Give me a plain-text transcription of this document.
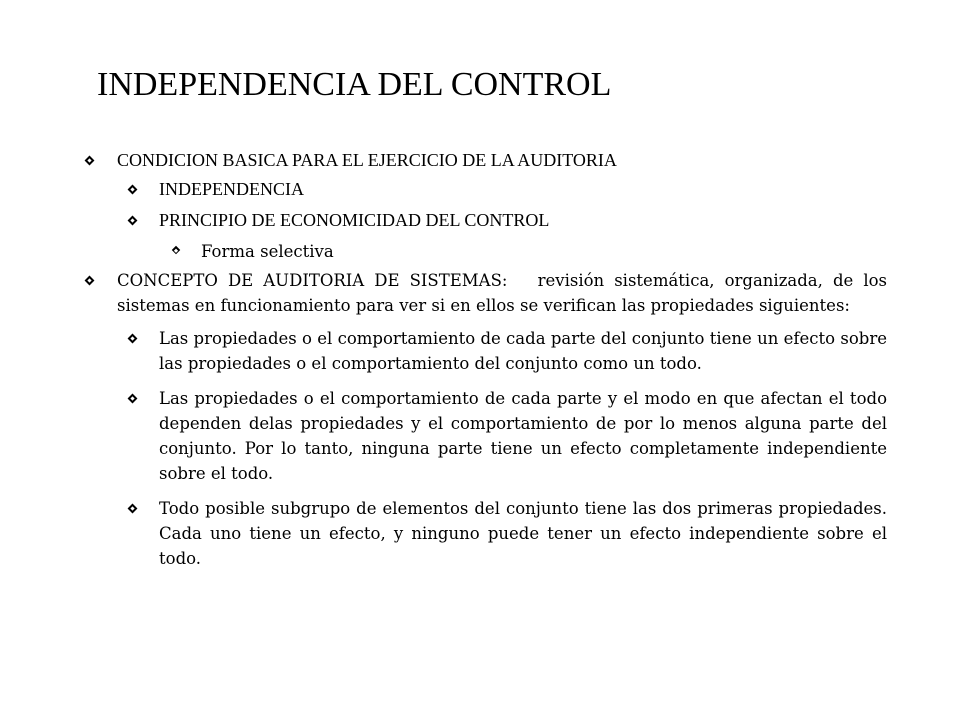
INDEPENDENCIA DEL CONTROL
CONDICION BASICA PARA EL EJERCICIO DE LA AUDITORIA
INDEPENDENCIA
PRINCIPIO DE ECONOMICIDAD DEL CONTROL
Forma selectiva
CONCEPTO DE AUDITORIA DE SISTEMAS:   revisión sistemática, organizada, de los sistemas en funcionamiento para ver si en ellos se verifican las propiedades siguientes:
Las propiedades o el comportamiento de cada parte del conjunto tiene un efecto sobre las propiedades o el comportamiento del conjunto como un todo.
Las propiedades o el comportamiento de cada parte y el modo en que afectan el todo dependen delas propiedades y el comportamiento de por lo menos alguna parte del conjunto. Por lo tanto, ninguna parte tiene un efecto completamente independiente sobre el todo.
Todo posible subgrupo de elementos del conjunto tiene las dos primeras propiedades. Cada uno tiene un efecto, y ninguno puede tener un efecto independiente sobre el todo.
